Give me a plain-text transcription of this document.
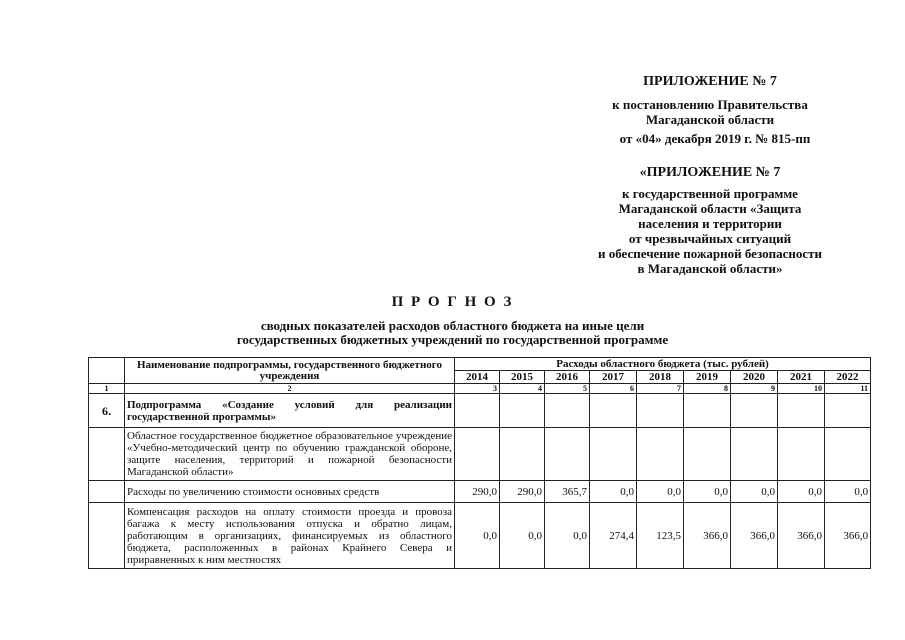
ПРИЛОЖЕНИЕ № 7
к постановлению Правительства
Магаданской области
от «04» декабря 2019 г. № 815-пп
«ПРИЛОЖЕНИЕ № 7
к государственной программе
Магаданской области «Защита
населения и территории
от чрезвычайных ситуаций
и обеспечение пожарной безопасности
в Магаданской области»
П Р О Г Н О З
сводных показателей расходов областного бюджета на иные цели
государственных бюджетных учреждений по государственной программе
	Наименование подпрограммы, государственного бюджетного учреждения	Расходы областного бюджета (тыс. рублей)								
		2014	2015	2016	2017	2018	2019	2020	2021	2022
1	2	3	4	5	6	7	8	9	10	11
6.	Подпрограмма «Создание условий для реализации государственной программы»									
	Областное государственное бюджетное образовательное учреждение «Учебно-методический центр по обучению гражданской обороне, защите населения, территорий и пожарной безопасности Магаданской области»									
	Расходы по увеличению стоимости основных средств	290,0	290,0	365,7	0,0	0,0	0,0	0,0	0,0	0,0
	Компенсация расходов на оплату стоимости проезда и провоза багажа к месту использования отпуска и обратно лицам, работающим в организациях, финансируемых из областного бюджета, расположенных в районах Крайнего Севера и приравненных к ним местностях	0,0	0,0	0,0	274,4	123,5	366,0	366,0	366,0	366,0
